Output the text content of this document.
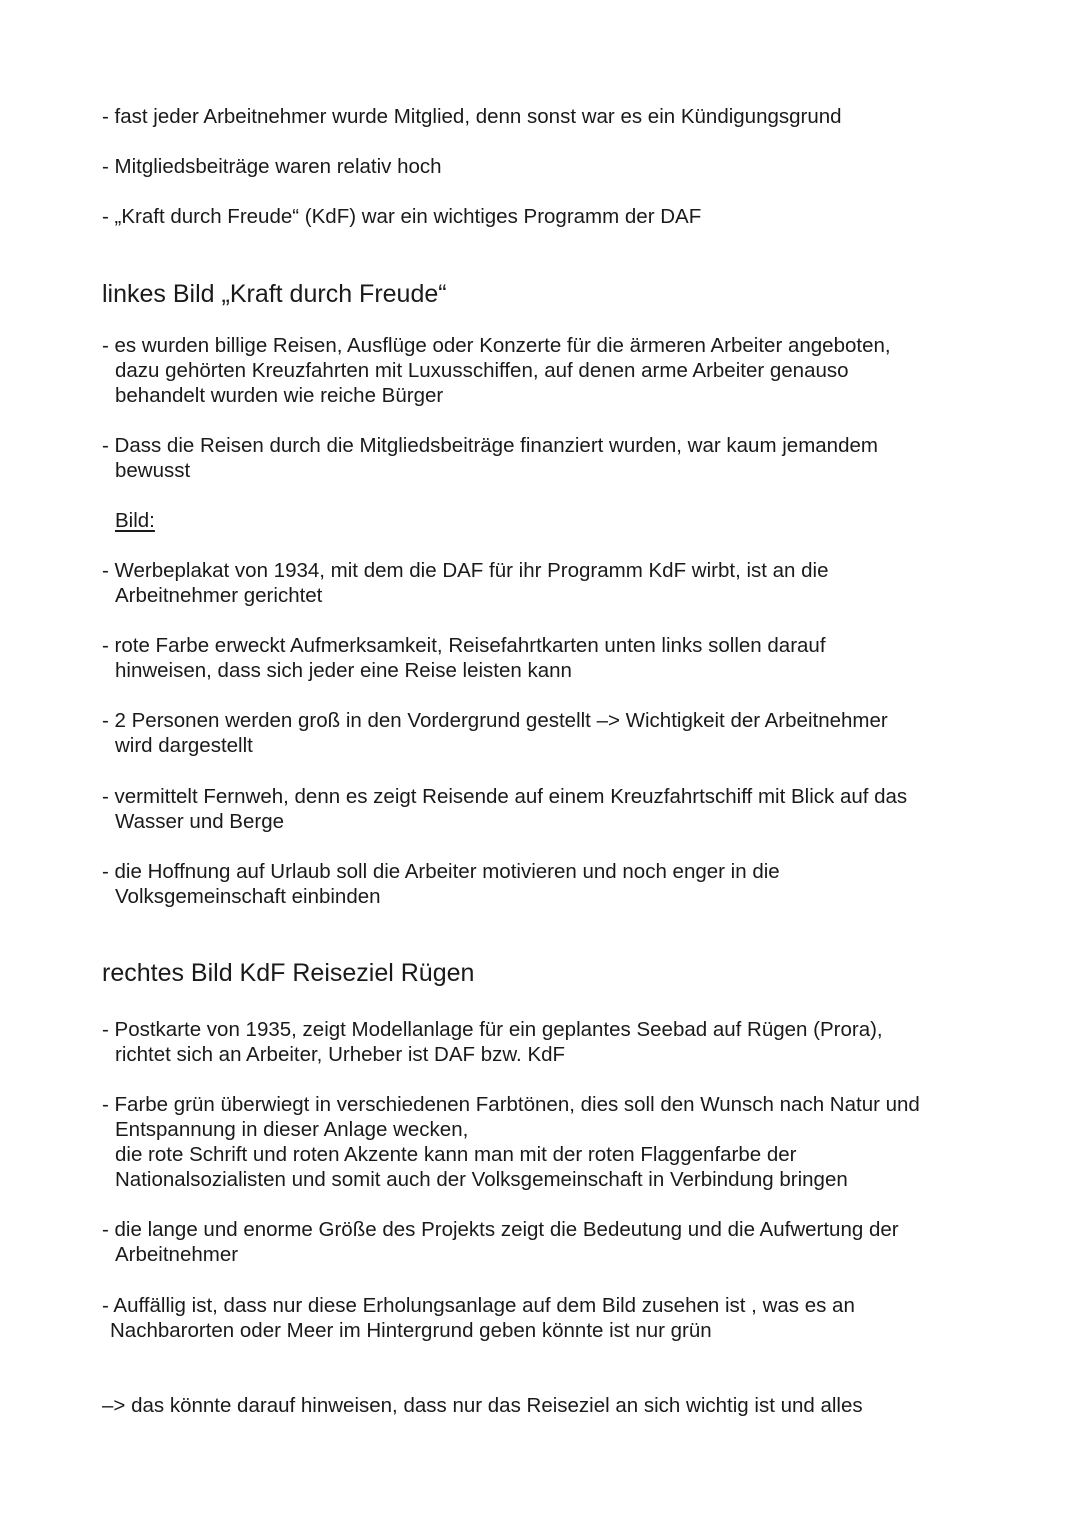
- fast jeder Arbeitnehmer wurde Mitglied, denn sonst war es ein Kündigungsgrund
- Mitgliedsbeiträge waren relativ hoch
- „Kraft durch Freude“ (KdF) war ein wichtiges Programm der DAF
linkes Bild „Kraft durch Freude“
- es wurden billige Reisen, Ausflüge oder Konzerte für die ärmeren Arbeiter angeboten,
dazu gehörten Kreuzfahrten mit Luxusschiffen, auf denen arme Arbeiter genauso
behandelt wurden wie reiche Bürger
- Dass die Reisen durch die Mitgliedsbeiträge finanziert wurden, war kaum jemandem
bewusst
Bild:
- Werbeplakat von 1934, mit dem die DAF für ihr Programm KdF wirbt, ist an die
Arbeitnehmer gerichtet
- rote Farbe erweckt Aufmerksamkeit, Reisefahrtkarten unten links sollen darauf
hinweisen, dass sich jeder eine Reise leisten kann
- 2 Personen werden groß in den Vordergrund gestellt –> Wichtigkeit der Arbeitnehmer
wird dargestellt
- vermittelt Fernweh, denn es zeigt Reisende auf einem Kreuzfahrtschiff mit Blick auf das
Wasser und Berge
- die Hoffnung auf Urlaub soll die Arbeiter motivieren und noch enger in die
Volksgemeinschaft einbinden
rechtes Bild KdF Reiseziel Rügen
- Postkarte von 1935, zeigt Modellanlage für ein geplantes Seebad auf Rügen (Prora),
richtet sich an Arbeiter, Urheber ist DAF bzw. KdF
- Farbe grün überwiegt in verschiedenen Farbtönen, dies soll den Wunsch nach Natur und
Entspannung in dieser Anlage wecken,
die rote Schrift und roten Akzente kann man mit der roten Flaggenfarbe der
Nationalsozialisten und somit auch der Volksgemeinschaft in Verbindung bringen
- die lange und enorme Größe des Projekts zeigt die Bedeutung und die Aufwertung der
Arbeitnehmer
- Auffällig ist, dass nur diese Erholungsanlage auf dem Bild zusehen ist , was es an
Nachbarorten oder Meer im Hintergrund geben könnte ist nur grün
–> das könnte darauf hinweisen, dass nur das Reiseziel an sich wichtig ist und alles
